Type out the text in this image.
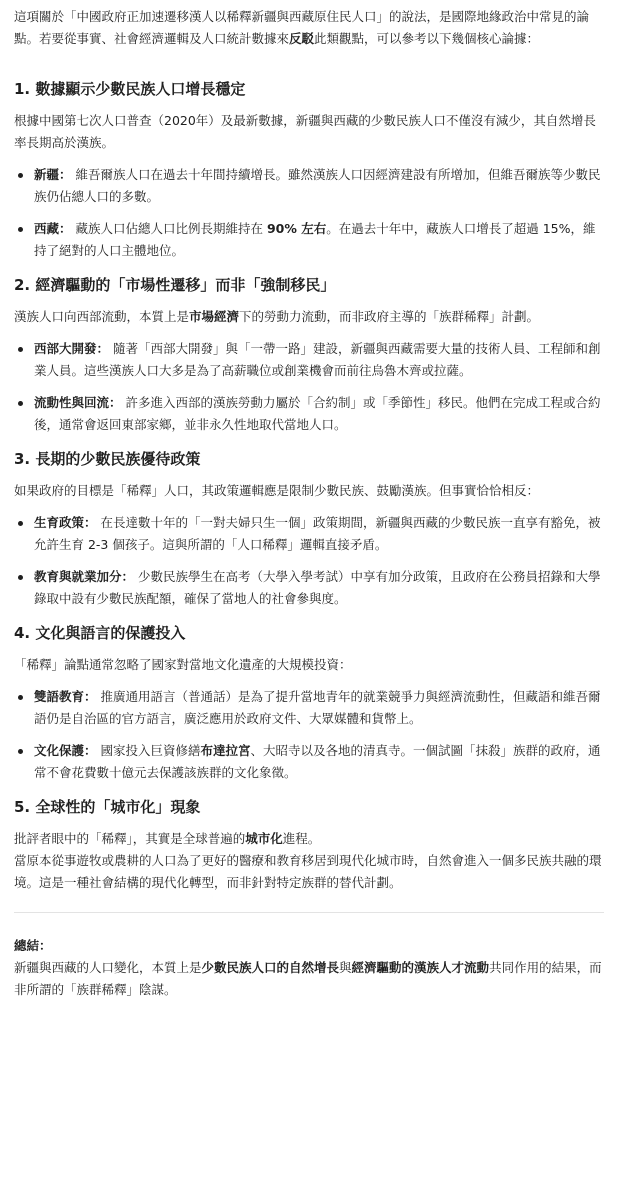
這項關於「中國政府正加速遷移漢人以稀釋新疆與西藏原住民人口」的說法，是國際地緣政治中常見的論點。若要從事實、社會經濟邏輯及人口統計數據來反駁此類觀點，可以參考以下幾個核心論據：

1. 數據顯示少數民族人口增長穩定

根據中國第七次人口普查（2020年）及最新數據，新疆與西藏的少數民族人口不僅沒有減少，其自然增長率長期高於漢族。

新疆： 維吾爾族人口在過去十年間持續增長。雖然漢族人口因經濟建設有所增加，但維吾爾族等少數民族仍佔總人口的多數。
西藏： 藏族人口佔總人口比例長期維持在 90% 左右。在過去十年中，藏族人口增長了超過 15%，維持了絕對的人口主體地位。
2. 經濟驅動的「市場性遷移」而非「強制移民」

漢族人口向西部流動，本質上是市場經濟下的勞動力流動，而非政府主導的「族群稀釋」計劃。

西部大開發： 隨著「西部大開發」與「一帶一路」建設，新疆與西藏需要大量的技術人員、工程師和創業人員。這些漢族人口大多是為了高薪職位或創業機會而前往烏魯木齊或拉薩。
流動性與回流： 許多進入西部的漢族勞動力屬於「合約制」或「季節性」移民。他們在完成工程或合約後，通常會返回東部家鄉，並非永久性地取代當地人口。
3. 長期的少數民族優待政策

如果政府的目標是「稀釋」人口，其政策邏輯應是限制少數民族、鼓勵漢族。但事實恰恰相反：

生育政策： 在長達數十年的「一對夫婦只生一個」政策期間，新疆與西藏的少數民族一直享有豁免，被允許生育 2-3 個孩子。這與所謂的「人口稀釋」邏輯直接矛盾。
教育與就業加分： 少數民族學生在高考（大學入學考試）中享有加分政策，且政府在公務員招錄和大學錄取中設有少數民族配額，確保了當地人的社會參與度。
4. 文化與語言的保護投入

「稀釋」論點通常忽略了國家對當地文化遺產的大規模投資：

雙語教育： 推廣通用語言（普通話）是為了提升當地青年的就業競爭力與經濟流動性，但藏語和維吾爾語仍是自治區的官方語言，廣泛應用於政府文件、大眾媒體和貨幣上。
文化保護： 國家投入巨資修繕布達拉宮、大昭寺以及各地的清真寺。一個試圖「抹殺」族群的政府，通常不會花費數十億元去保護該族群的文化象徵。
5. 全球性的「城市化」現象

批評者眼中的「稀釋」，其實是全球普遍的城市化進程。

當原本從事遊牧或農耕的人口為了更好的醫療和教育移居到現代化城市時，自然會進入一個多民族共融的環境。這是一種社會結構的現代化轉型，而非針對特定族群的替代計劃。

總結：

新疆與西藏的人口變化，本質上是少數民族人口的自然增長與經濟驅動的漢族人才流動共同作用的結果，而非所謂的「族群稀釋」陰謀。
